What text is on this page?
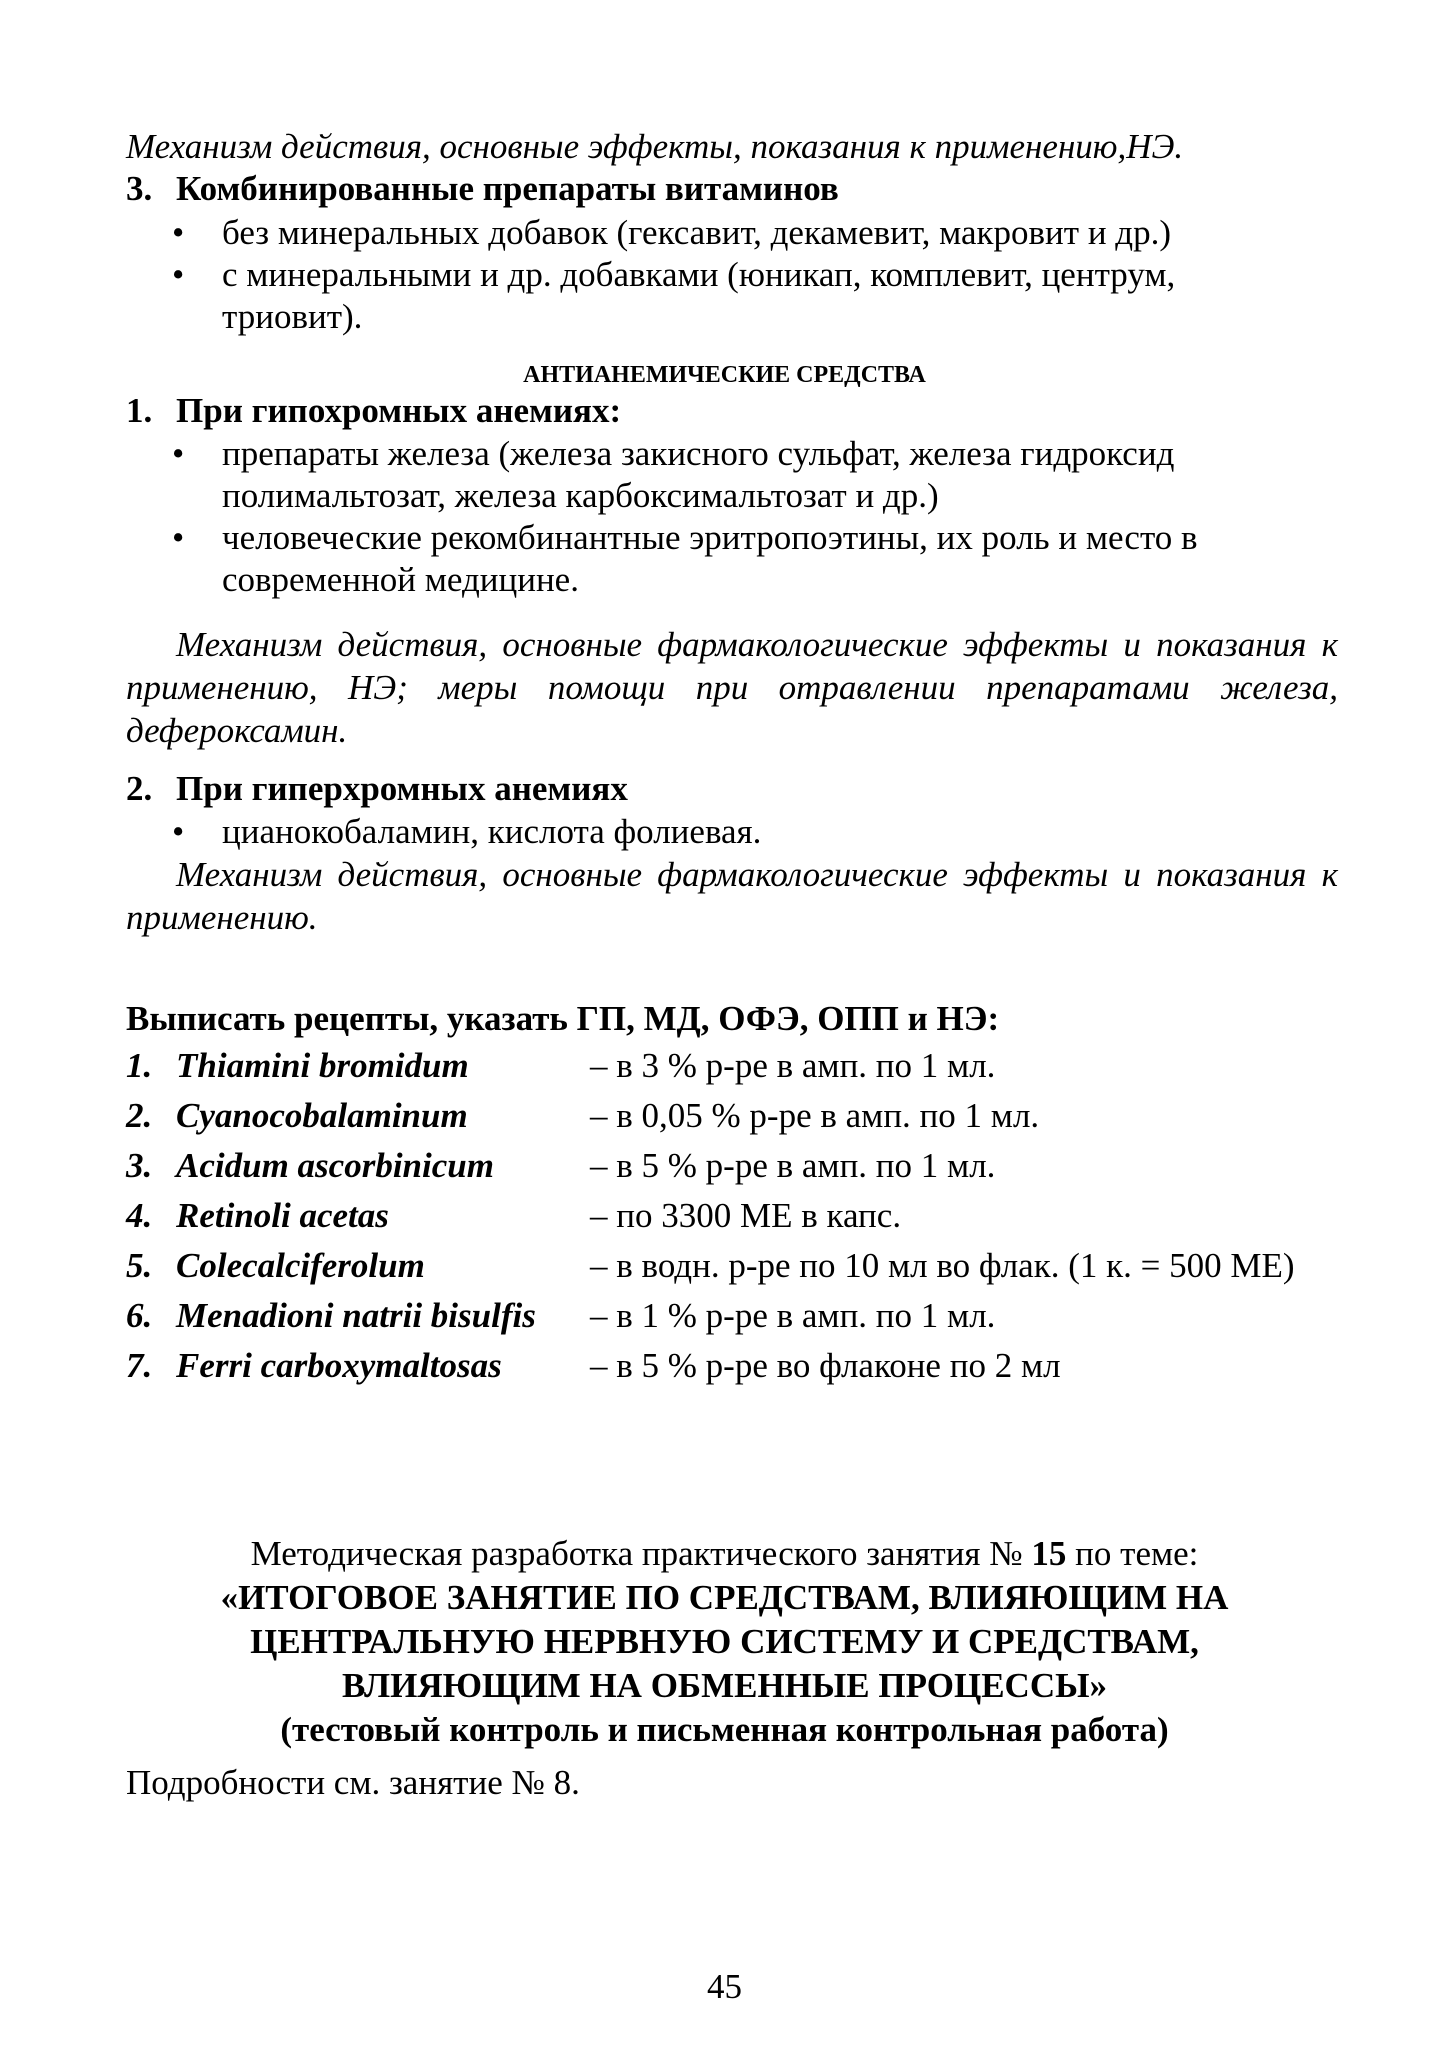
Механизм действия, основные эффекты, показания к применению,НЭ.
3. Комбинированные препараты витаминов
• без минеральных добавок (гексавит, декамевит, макровит и др.)
• с минеральными и др. добавками (юникап, комплевит, центрум,
триовит).
АНТИАНЕМИЧЕСКИЕ СРЕДСТВА
1. При гипохромных анемиях:
• препараты железа (железа закисного сульфат, железа гидроксид
полимальтозат, железа карбоксимальтозат и др.)
• человеческие рекомбинантные эритропоэтины, их роль и место в
современной медицине.
Механизм действия, основные фармакологические эффекты и показания к применению, НЭ; меры помощи при отравлении препаратами железа, дефероксамин.
2. При гиперхромных анемиях
• цианокобаламин, кислота фолиевая.
Механизм действия, основные фармакологические эффекты и показания к применению.
Выписать рецепты, указать ГП, МД, ОФЭ, ОПП и НЭ:
1. Thiamini bromidum	– в 3 % р-ре в амп. по 1 мл.
2. Cyanocobalaminum	– в 0,05 % р-ре в амп. по 1 мл.
3. Acidum ascorbinicum	– в 5 % р-ре в амп. по 1 мл.
4. Retinoli acetas	– по 3300 МЕ в капс.
5. Colecalciferolum	– в водн. р-ре по 10 мл во флак. (1 к. = 500 МЕ)
6. Menadioni natrii bisulfis – в 1 % р-ре в амп. по 1 мл.
7. Ferri carboxymaltosas	– в 5 % р-ре во флаконе по 2 мл
Методическая разработка практического занятия № 15 по теме:
«ИТОГОВОЕ ЗАНЯТИЕ ПО СРЕДСТВАМ, ВЛИЯЮЩИМ НА
ЦЕНТРАЛЬНУЮ НЕРВНУЮ СИСТЕМУ И СРЕДСТВАМ,
ВЛИЯЮЩИМ НА ОБМЕННЫЕ ПРОЦЕССЫ»
(тестовый контроль и письменная контрольная работа)
Подробности см. занятие № 8.
45
